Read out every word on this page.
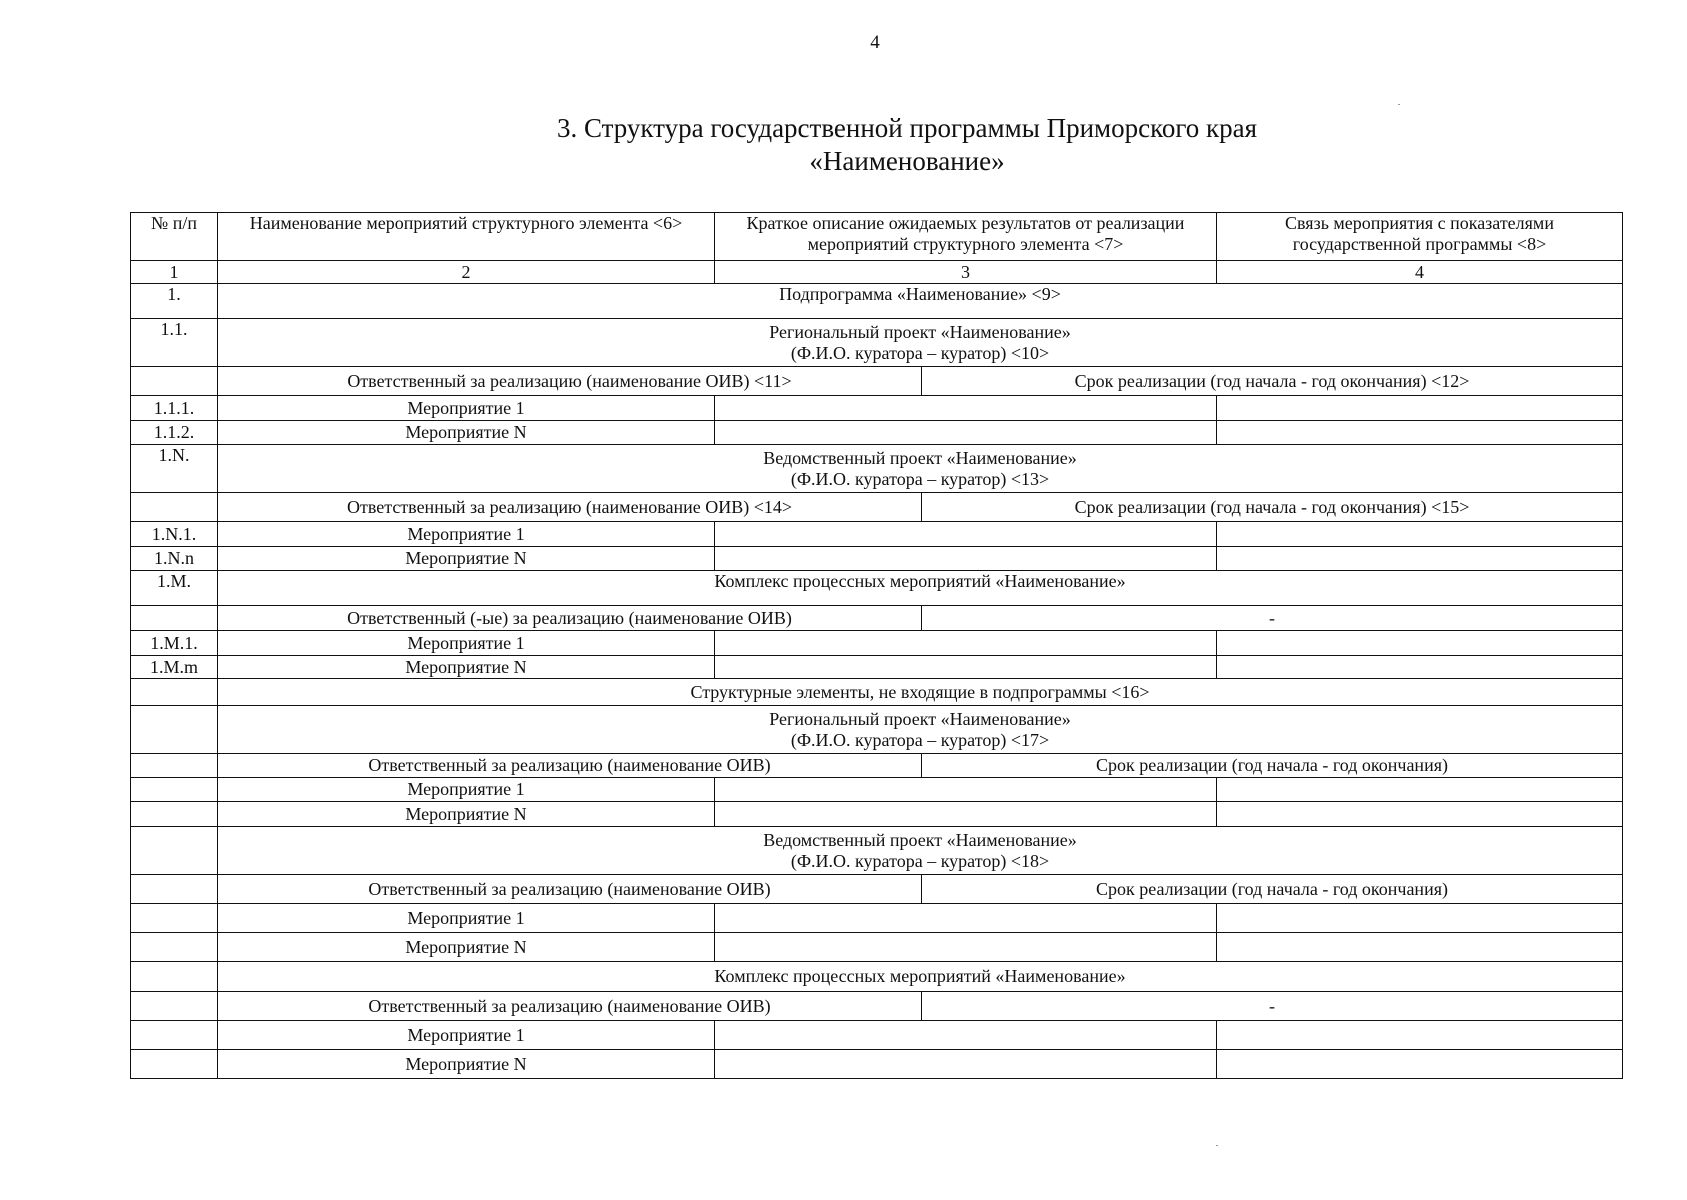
4
3. Структура государственной программы Приморского края
«Наименование»
№ п/п	Наименование мероприятий структурного элемента <6>	Краткое описание ожидаемых результатов от реализации мероприятий структурного элемента <7>		Связь мероприятия с показателями государственной программы <8>
1	2	3		4
1.	Подпрограмма «Наименование» <9>			
1.1.	Региональный проект «Наименование»
(Ф.И.О. куратора – куратор) <10>			

	Ответственный за реализацию (наименование ОИВ) <11>		Срок реализации (год начала - год окончания) <12>	
1.1.1.	Мероприятие 1			
1.1.2.	Мероприятие N			
1.N.	Ведомственный проект «Наименование»
(Ф.И.О. куратора – куратор) <13>			

	Ответственный за реализацию (наименование ОИВ) <14>		Срок реализации (год начала - год окончания) <15>	
1.N.1.	Мероприятие 1			
1.N.n	Мероприятие N			
1.M.	Комплекс процессных мероприятий «Наименование»			
	Ответственный (-ые) за реализацию (наименование ОИВ)		-	
1.M.1.	Мероприятие 1			
1.M.m	Мероприятие N			
	Структурные элементы, не входящие в подпрограммы <16>			

	Региональный проект «Наименование»
(Ф.И.О. куратора – куратор) <17>			

	Ответственный за реализацию (наименование ОИВ)		Срок реализации (год начала - год окончания)	
	Мероприятие 1			
	Мероприятие N			

	Ведомственный проект «Наименование»
(Ф.И.О. куратора – куратор) <18>			

	Ответственный за реализацию (наименование ОИВ)		Срок реализации (год начала - год окончания)	
	Мероприятие 1			
	Мероприятие N			
	Комплекс процессных мероприятий «Наименование»			
	Ответственный за реализацию (наименование ОИВ)		-	
	Мероприятие 1			
	Мероприятие N			
